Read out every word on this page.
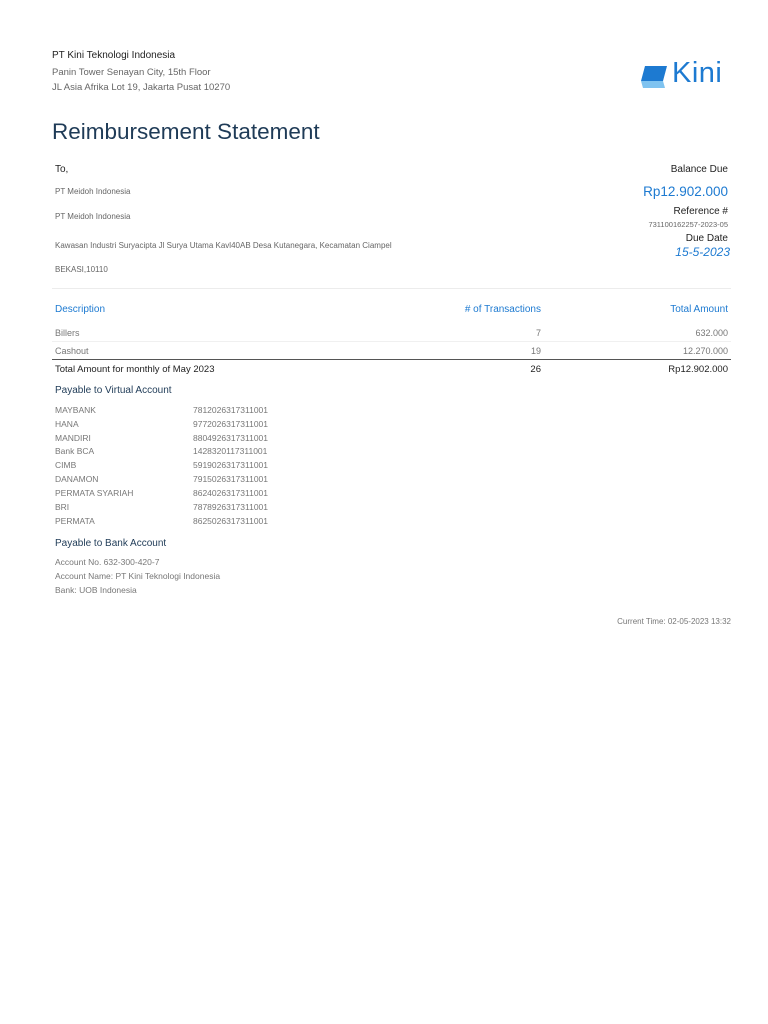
PT Kini Teknologi Indonesia
Panin Tower Senayan City, 15th Floor
JL Asia Afrika Lot 19, Jakarta Pusat 10270	Kini
Reimbursement Statement
To,
PT Meidoh Indonesia
PT Meidoh Indonesia
Kawasan Industri Suryacipta Jl Surya Utama Kavl40AB Desa Kutanegara, Kecamatan Ciampel
BEKASI,10110
Balance Due
Rp12.902.000
Reference #
731100162257-2023-05
Due Date
15-5-2023
Description	# of Transactions	Total Amount
Billers	7	632.000
Cashout	19	12.270.000
Total Amount for monthly of May 2023	26	Rp12.902.000
Payable to Virtual Account
MAYBANK	7812026317311001
HANA	9772026317311001
MANDIRI	8804926317311001
Bank BCA	1428320117311001
CIMB	5919026317311001
DANAMON	7915026317311001
PERMATA SYARIAH	8624026317311001
BRI	7878926317311001
PERMATA	8625026317311001
Payable to Bank Account
Account No. 632-300-420-7
Account Name: PT Kini Teknologi Indonesia
Bank: UOB Indonesia
Current Time: 02-05-2023 13:32
